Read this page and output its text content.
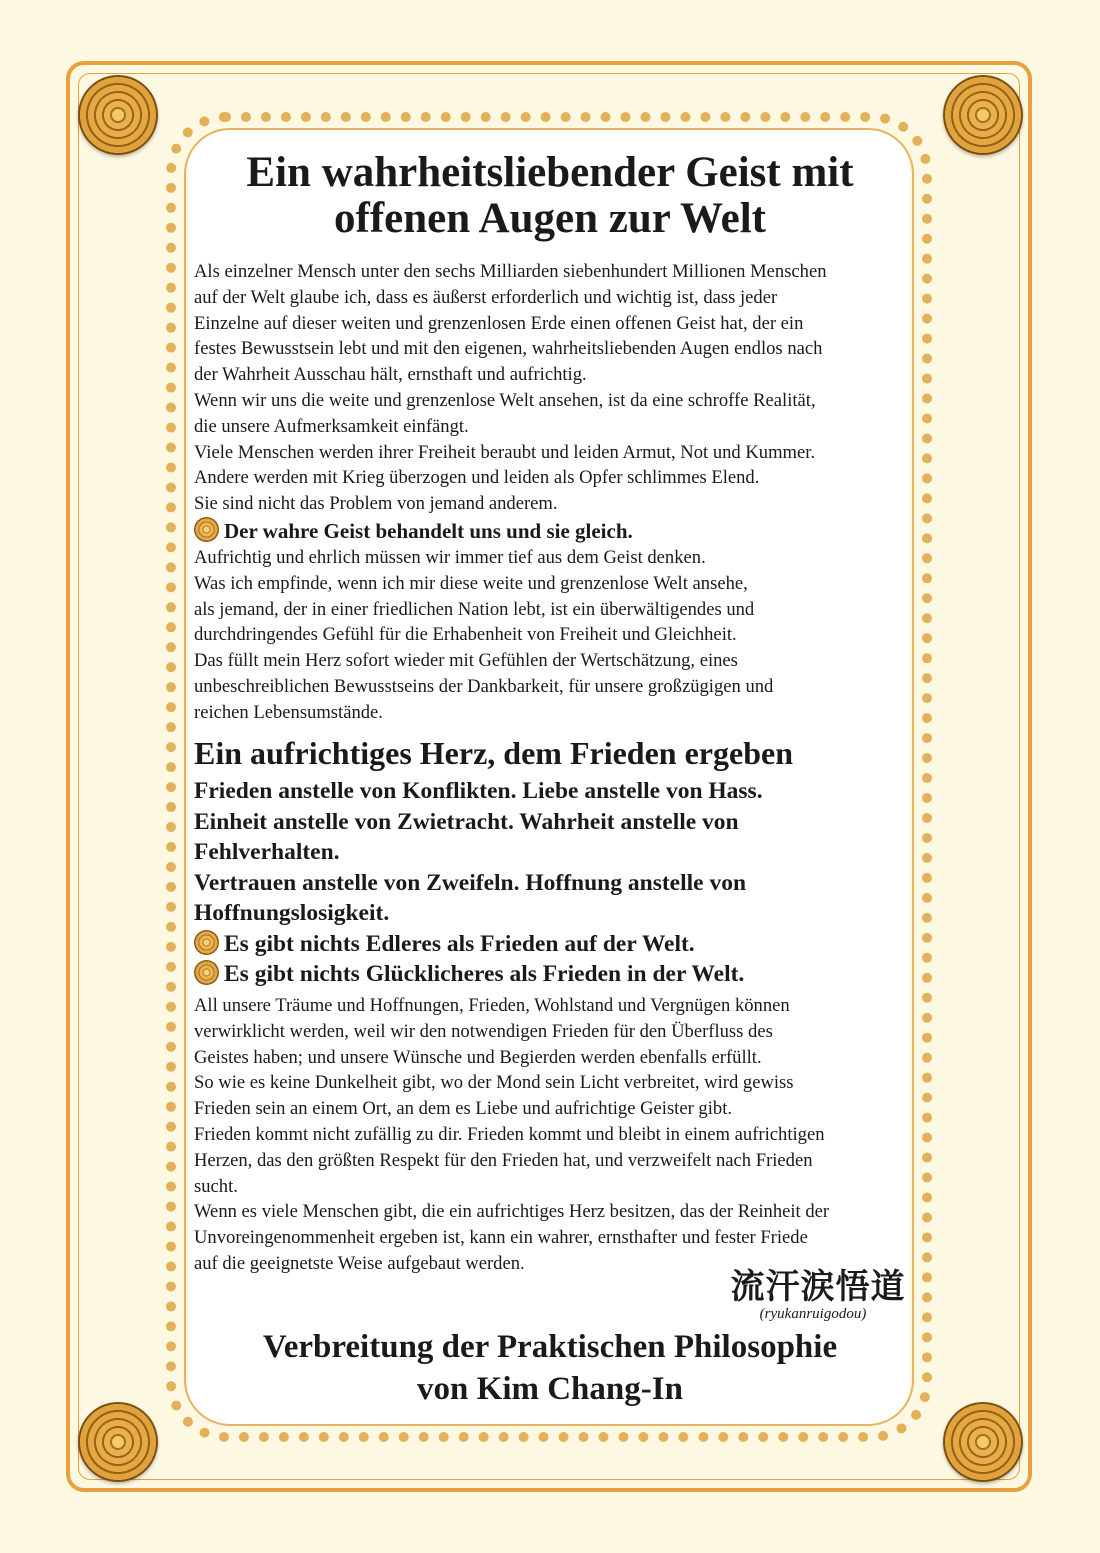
Ein wahrheitsliebender Geist mit
offenen Augen zur Welt
Als einzelner Mensch unter den sechs Milliarden siebenhundert Millionen Menschen
auf der Welt glaube ich, dass es äußerst erforderlich und wichtig ist, dass jeder
Einzelne auf dieser weiten und grenzenlosen Erde einen offenen Geist hat, der ein
festes Bewusstsein lebt und mit den eigenen, wahrheitsliebenden Augen endlos nach
der Wahrheit Ausschau hält, ernsthaft und aufrichtig.
Wenn wir uns die weite und grenzenlose Welt ansehen, ist da eine schroffe Realität,
die unsere Aufmerksamkeit einfängt.
Viele Menschen werden ihrer Freiheit beraubt und leiden Armut, Not und Kummer.
Andere werden mit Krieg überzogen und leiden als Opfer schlimmes Elend.
Sie sind nicht das Problem von jemand anderem.
Der wahre Geist behandelt uns und sie gleich.
Aufrichtig und ehrlich müssen wir immer tief aus dem Geist denken.
Was ich empfinde, wenn ich mir diese weite und grenzenlose Welt ansehe,
als jemand, der in einer friedlichen Nation lebt, ist ein überwältigendes und
durchdringendes Gefühl für die Erhabenheit von Freiheit und Gleichheit.
Das füllt mein Herz sofort wieder mit Gefühlen der Wertschätzung, eines
unbeschreiblichen Bewusstseins der Dankbarkeit, für unsere großzügigen und
reichen Lebensumstände.
Ein aufrichtiges Herz, dem Frieden ergeben
Frieden anstelle von Konflikten. Liebe anstelle von Hass.
Einheit anstelle von Zwietracht. Wahrheit anstelle von
Fehlverhalten.
Vertrauen anstelle von Zweifeln. Hoffnung anstelle von
Hoffnungslosigkeit.
Es gibt nichts Edleres als Frieden auf der Welt.
Es gibt nichts Glücklicheres als Frieden in der Welt.
All unsere Träume und Hoffnungen, Frieden, Wohlstand und Vergnügen können
verwirklicht werden, weil wir den notwendigen Frieden für den Überfluss des
Geistes haben; und unsere Wünsche und Begierden werden ebenfalls erfüllt.
So wie es keine Dunkelheit gibt, wo der Mond sein Licht verbreitet, wird gewiss
Frieden sein an einem Ort, an dem es Liebe und aufrichtige Geister gibt.
Frieden kommt nicht zufällig zu dir. Frieden kommt und bleibt in einem aufrichtigen
Herzen, das den größten Respekt für den Frieden hat, und verzweifelt nach Frieden
sucht.
Wenn es viele Menschen gibt, die ein aufrichtiges Herz besitzen, das der Reinheit der
Unvoreingenommenheit ergeben ist, kann ein wahrer, ernsthafter und fester Friede
auf die geeignetste Weise aufgebaut werden.
流汗涙悟道
(ryukanruigodou)
Verbreitung der Praktischen Philosophie
von Kim Chang-In
